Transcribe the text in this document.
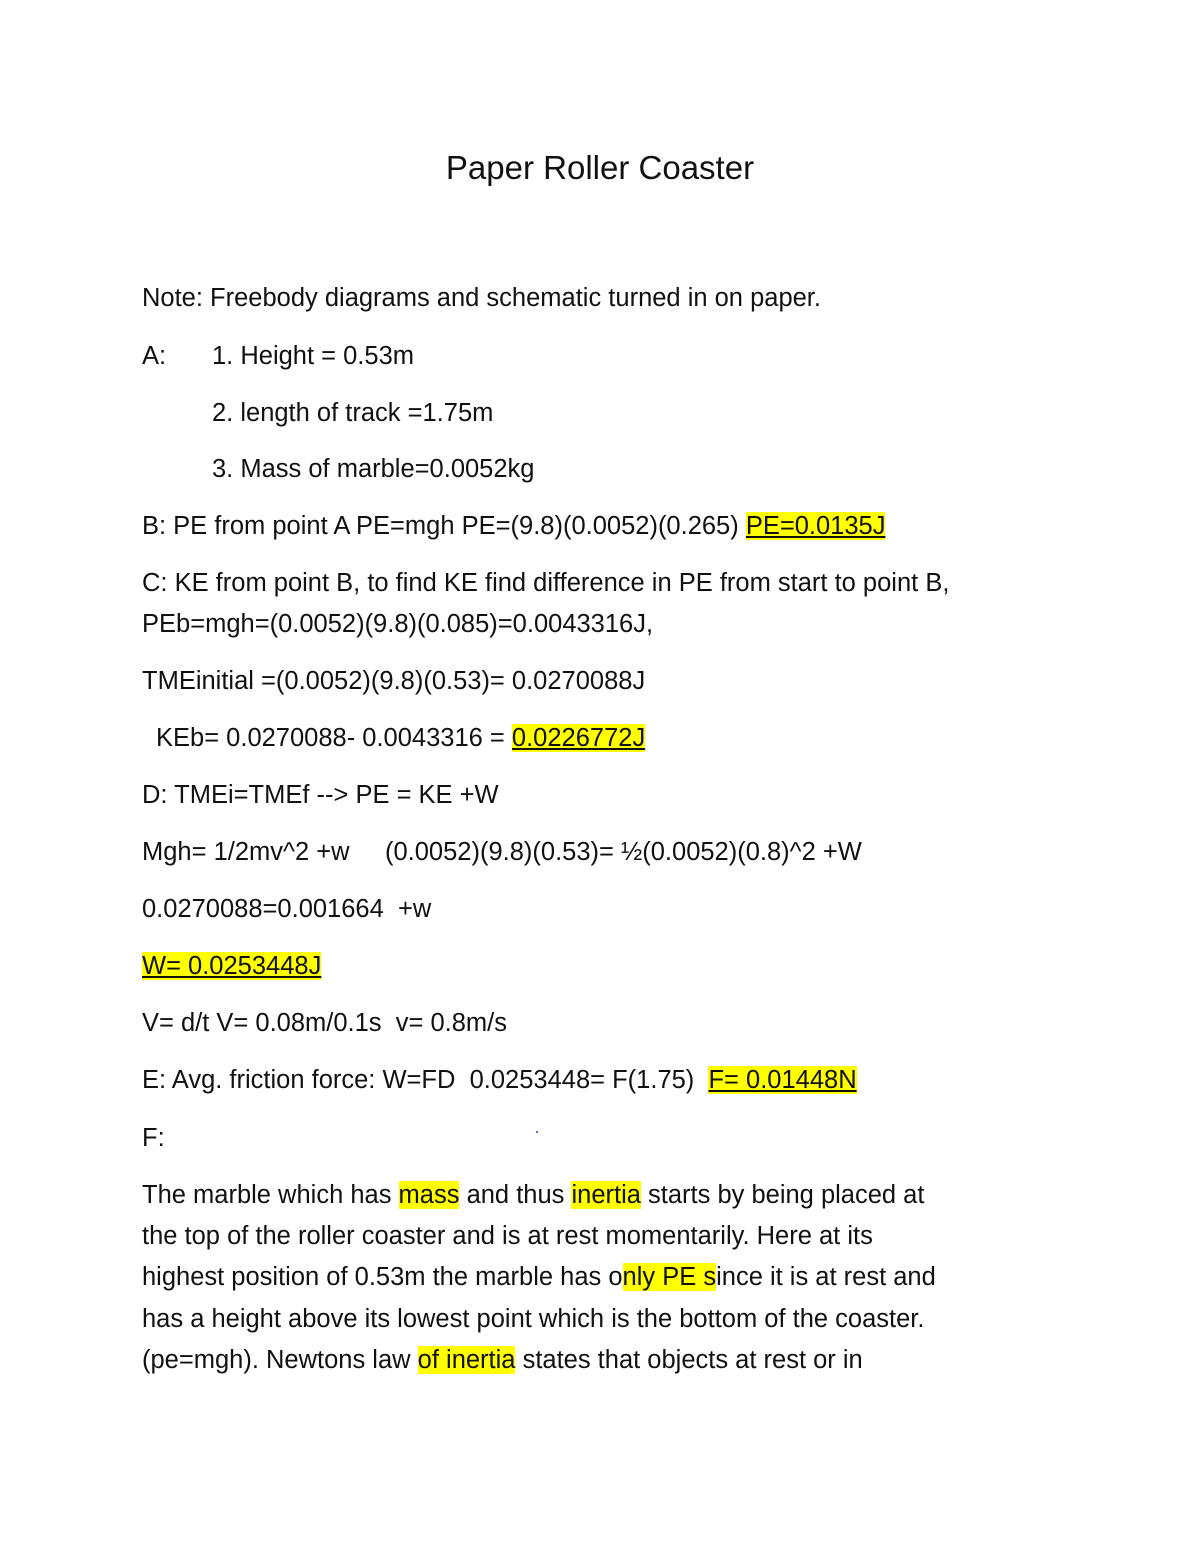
Paper Roller Coaster

Note: Freebody diagrams and schematic turned in on paper.

A: 1. Height = 0.53m

2. length of track =1.75m

3. Mass of marble=0.0052kg

B: PE from point A PE=mgh PE=(9.8)(0.0052)(0.265) PE=0.0135J

C: KE from point B, to find KE find difference in PE from start to point B,

PEb=mgh=(0.0052)(9.8)(0.085)=0.0043316J,

TMEinitial =(0.0052)(9.8)(0.53)= 0.0270088J

KEb= 0.0270088- 0.0043316 = 0.0226772J

D: TMEi=TMEf --> PE = KE +W

Mgh= 1/2mv^2 +w     (0.0052)(9.8)(0.53)= ½(0.0052)(0.8)^2 +W

0.0270088=0.001664  +w

W= 0.0253448J

V= d/t V= 0.08m/0.1s  v= 0.8m/s

E: Avg. friction force: W=FD  0.0253448= F(1.75)  F= 0.01448N

F:

The marble which has mass and thus inertia starts by being placed at

the top of the roller coaster and is at rest momentarily. Here at its

highest position of 0.53m the marble has only PE since it is at rest and

has a height above its lowest point which is the bottom of the coaster.

(pe=mgh). Newtons law of inertia states that objects at rest or in
